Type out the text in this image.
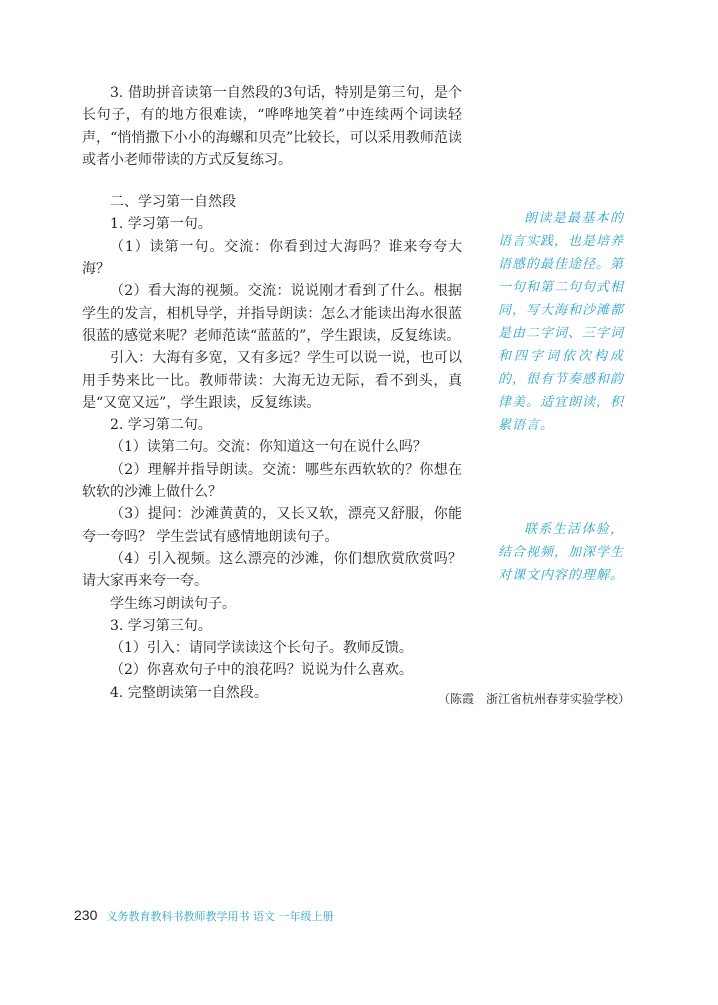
3. 借助拼音读第一自然段的3句话，特别是第三句，是个长句子，有的地方很难读，“哗哗地笑着”中连续两个词读轻声，“悄悄撒下小小的海螺和贝壳”比较长，可以采用教师范读或者小老师带读的方式反复练习。

二、学习第一自然段

1. 学习第一句。

（1）读第一句。交流：你看到过大海吗？谁来夸夸大海？

（2）看大海的视频。交流：说说刚才看到了什么。根据学生的发言，相机导学，并指导朗读：怎么才能读出海水很蓝很蓝的感觉来呢？老师范读“蓝蓝的”，学生跟读，反复练读。

引入：大海有多宽，又有多远？学生可以说一说，也可以用手势来比一比。教师带读：大海无边无际，看不到头，真是“又宽又远”，学生跟读，反复练读。

2. 学习第二句。

（1）读第二句。交流：你知道这一句在说什么吗？

（2）理解并指导朗读。交流：哪些东西软软的？你想在软软的沙滩上做什么？

（3）提问：沙滩黄黄的，又长又软，漂亮又舒服，你能夸一夸吗？ 学生尝试有感情地朗读句子。

（4）引入视频。这么漂亮的沙滩，你们想欣赏欣赏吗？请大家再来夸一夸。

学生练习朗读句子。

3. 学习第三句。

（1）引入：请同学读读这个长句子。教师反馈。

（2）你喜欢句子中的浪花吗？说说为什么喜欢。

4. 完整朗读第一自然段。

朗读是最基本的语言实践，也是培养语感的最佳途径。第一句和第二句句式相同，写大海和沙滩都是由二字词、三字词和四字词依次构成的，很有节奏感和韵律美。适宜朗读，积累语言。
联系生活体验，结合视频，加深学生对课文内容的理解。
（陈霞　浙江省杭州春芽实验学校）
230 义务教育教科书教师教学用书 语文 一年级上册
